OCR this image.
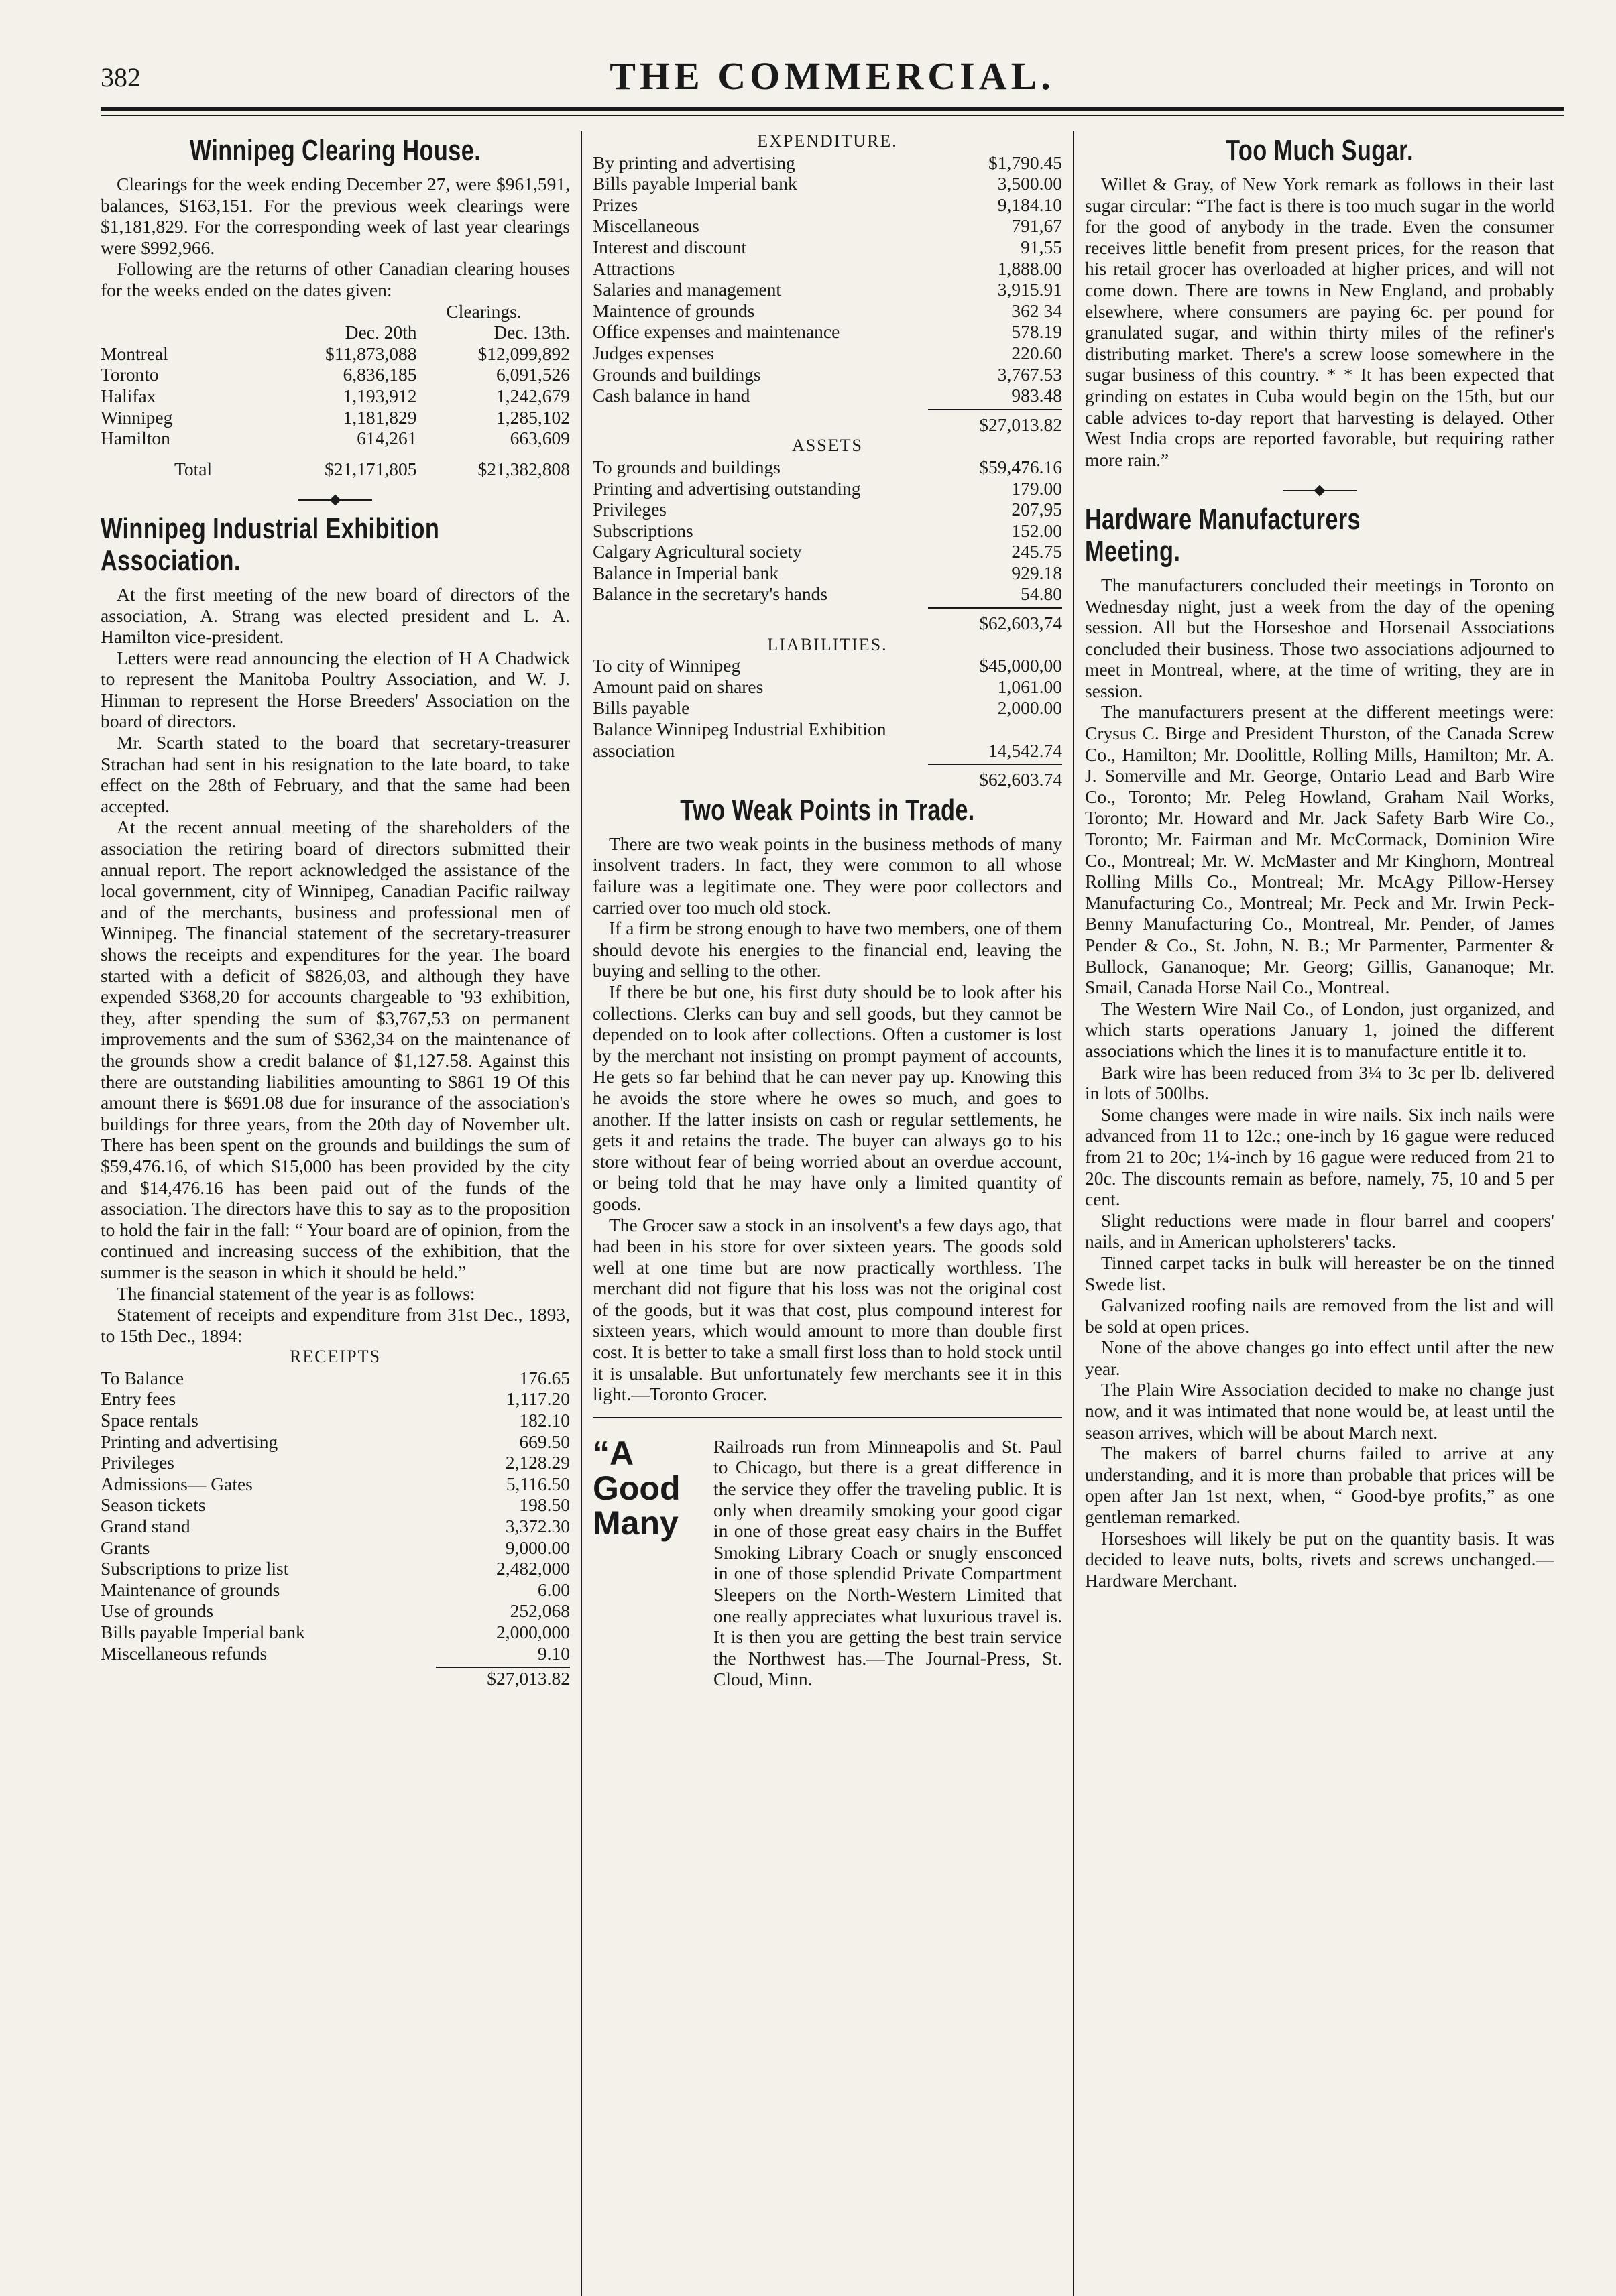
382	THE COMMERCIAL.
Winnipeg Clearing House.

Clearings for the week ending December 27, were $961,591, balances, $163,151. For the previous week clearings were $1,181,829. For the corresponding week of last year clearings were $992,966.

Following are the returns of other Canadian clearing houses for the weeks ended on the dates given:

	Clearings.	
	Dec. 20th	Dec. 13th.
Montreal	$11,873,088	$12,099,892
Toronto	6,836,185	6,091,526
Halifax	1,193,912	1,242,679
Winnipeg	1,181,829	1,285,102
Hamilton	614,261	663,609
Total	$21,171,805	$21,382,808
Winnipeg Industrial Exhibition Association.

At the first meeting of the new board of directors of the association, A. Strang was elected president and L. A. Hamilton vice-president.

Letters were read announcing the election of H A Chadwick to represent the Manitoba Poultry Association, and W. J. Hinman to represent the Horse Breeders' Association on the board of directors.

Mr. Scarth stated to the board that secretary-treasurer Strachan had sent in his resignation to the late board, to take effect on the 28th of February, and that the same had been accepted.

At the recent annual meeting of the shareholders of the association the retiring board of directors submitted their annual report. The report acknowledged the assistance of the local government, city of Winnipeg, Canadian Pacific railway and of the merchants, business and professional men of Winnipeg. The financial statement of the secretary-treasurer shows the receipts and expenditures for the year. The board started with a deficit of $826,03, and although they have expended $368,20 for accounts chargeable to '93 exhibition, they, after spending the sum of $3,767,53 on permanent improvements and the sum of $362,34 on the maintenance of the grounds show a credit balance of $1,127.58. Against this there are outstanding liabilities amounting to $861 19 Of this amount there is $691.08 due for insurance of the association's buildings for three years, from the 20th day of November ult. There has been spent on the grounds and buildings the sum of $59,476.16, of which $15,000 has been provided by the city and $14,476.16 has been paid out of the funds of the association. The directors have this to say as to the proposition to hold the fair in the fall: “ Your board are of opinion, from the continued and increasing success of the exhibition, that the summer is the season in which it should be held.”

The financial statement of the year is as follows:

Statement of receipts and expenditure from 31st Dec., 1893, to 15th Dec., 1894:

RECEIPTS
To Balance	176.65
Entry fees	1,117.20
Space rentals	182.10
Printing and advertising	669.50
Privileges	2,128.29
Admissions— Gates	5,116.50
Season tickets	198.50
Grand stand	3,372.30
Grants	9,000.00
Subscriptions to prize list	2,482,000
Maintenance of grounds	6.00
Use of grounds	252,068
Bills payable Imperial bank	2,000,000
Miscellaneous refunds	9.10
$27,013.82
EXPENDITURE.
By printing and advertising	$1,790.45
Bills payable Imperial bank	3,500.00
Prizes	9,184.10
Miscellaneous	791,67
Interest and discount	91,55
Attractions	1,888.00
Salaries and management	3,915.91
Maintence of grounds	362 34
Office expenses and maintenance	578.19
Judges expenses	220.60
Grounds and buildings	3,767.53
Cash balance in hand	983.48
$27,013.82
ASSETS
To grounds and buildings	$59,476.16
Printing and advertising outstanding	179.00
Privileges	207,95
Subscriptions	152.00
Calgary Agricultural society	245.75
Balance in Imperial bank	929.18
Balance in the secretary's hands	54.80
$62,603,74
LIABILITIES.
To city of Winnipeg	$45,000,00
Amount paid on shares	1,061.00
Bills payable	2,000.00
Balance Winnipeg Industrial Exhibition association	14,542.74
$62,603.74
Two Weak Points in Trade.

There are two weak points in the business methods of many insolvent traders. In fact, they were common to all whose failure was a legitimate one. They were poor collectors and carried over too much old stock.

If a firm be strong enough to have two members, one of them should devote his energies to the financial end, leaving the buying and selling to the other.

If there be but one, his first duty should be to look after his collections. Clerks can buy and sell goods, but they cannot be depended on to look after collections. Often a customer is lost by the merchant not insisting on prompt payment of accounts, He gets so far behind that he can never pay up. Knowing this he avoids the store where he owes so much, and goes to another. If the latter insists on cash or regular settlements, he gets it and retains the trade. The buyer can always go to his store without fear of being worried about an overdue account, or being told that he may have only a limited quantity of goods.

The Grocer saw a stock in an insolvent's a few days ago, that had been in his store for over sixteen years. The goods sold well at one time but are now practically worthless. The merchant did not figure that his loss was not the original cost of the goods, but it was that cost, plus compound interest for sixteen years, which would amount to more than double first cost. It is better to take a small first loss than to hold stock until it is unsalable. But unfortunately few merchants see it in this light.—Toronto Grocer.

“A
Good
Many
Railroads run from Minneapolis and St. Paul to Chicago, but there is a great difference in the service they offer the traveling public. It is only when dreamily smoking your good cigar in one of those great easy chairs in the Buffet Smoking Library Coach or snugly ensconced in one of those splendid Private Compartment Sleepers on the North-Western Limited that one really appreciates what luxurious travel is. It is then you are getting the best train service the Northwest has.—The Journal-Press, St. Cloud, Minn.
Too Much Sugar.

Willet & Gray, of New York remark as follows in their last sugar circular: “The fact is there is too much sugar in the world for the good of anybody in the trade. Even the consumer receives little benefit from present prices, for the reason that his retail grocer has overloaded at higher prices, and will not come down. There are towns in New England, and probably elsewhere, where consumers are paying 6c. per pound for granulated sugar, and within thirty miles of the refiner's distributing market. There's a screw loose somewhere in the sugar business of this country. * * It has been expected that grinding on estates in Cuba would begin on the 15th, but our cable advices to-day report that harvesting is delayed. Other West India crops are reported favorable, but requiring rather more rain.”

Hardware Manufacturers Meeting.

The manufacturers concluded their meetings in Toronto on Wednesday night, just a week from the day of the opening session. All but the Horseshoe and Horsenail Associations concluded their business. Those two associations adjourned to meet in Montreal, where, at the time of writing, they are in session.

The manufacturers present at the different meetings were: Crysus C. Birge and President Thurston, of the Canada Screw Co., Hamilton; Mr. Doolittle, Rolling Mills, Hamilton; Mr. A. J. Somerville and Mr. George, Ontario Lead and Barb Wire Co., Toronto; Mr. Peleg Howland, Graham Nail Works, Toronto; Mr. Howard and Mr. Jack Safety Barb Wire Co., Toronto; Mr. Fairman and Mr. McCormack, Dominion Wire Co., Montreal; Mr. W. McMaster and Mr Kinghorn, Montreal Rolling Mills Co., Montreal; Mr. McAgy Pillow-Hersey Manufacturing Co., Montreal; Mr. Peck and Mr. Irwin Peck-Benny Manufacturing Co., Montreal, Mr. Pender, of James Pender & Co., St. John, N. B.; Mr Parmenter, Parmenter & Bullock, Gananoque; Mr. Georg; Gillis, Gananoque; Mr. Smail, Canada Horse Nail Co., Montreal.

The Western Wire Nail Co., of London, just organized, and which starts operations January 1, joined the different associations which the lines it is to manufacture entitle it to.

Bark wire has been reduced from 3¼ to 3c per lb. delivered in lots of 500lbs.

Some changes were made in wire nails. Six inch nails were advanced from 11 to 12c.; one-inch by 16 gague were reduced from 21 to 20c; 1¼-inch by 16 gague were reduced from 21 to 20c. The discounts remain as before, namely, 75, 10 and 5 per cent.

Slight reductions were made in flour barrel and coopers' nails, and in American upholsterers' tacks.

Tinned carpet tacks in bulk will hereaster be on the tinned Swede list.

Galvanized roofing nails are removed from the list and will be sold at open prices.

None of the above changes go into effect until after the new year.

The Plain Wire Association decided to make no change just now, and it was intimated that none would be, at least until the season arrives, which will be about March next.

The makers of barrel churns failed to arrive at any understanding, and it is more than probable that prices will be open after Jan 1st next, when, “ Good-bye profits,” as one gentleman remarked.

Horseshoes will likely be put on the quantity basis. It was decided to leave nuts, bolts, rivets and screws unchanged.—Hardware Merchant.
